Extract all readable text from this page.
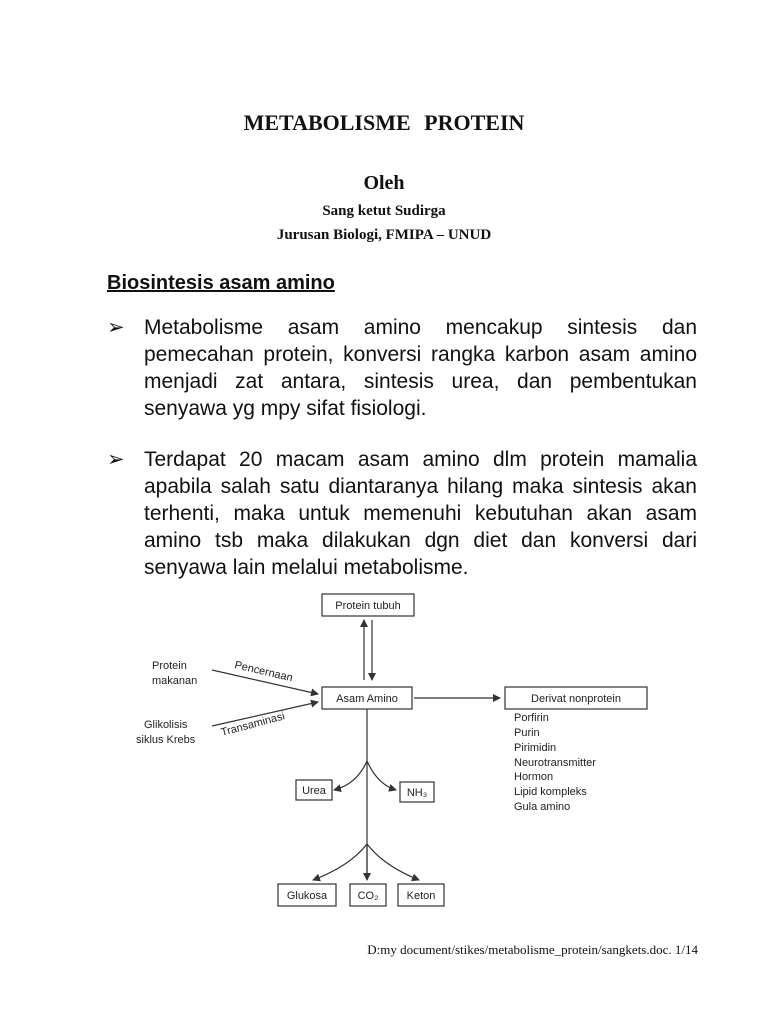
METABOLISME PROTEIN
Oleh
Sang ketut Sudirga
Jurusan Biologi, FMIPA – UNUD
Biosintesis asam amino
➢ Metabolisme asam amino mencakup sintesis dan pemecahan protein, konversi rangka karbon asam amino menjadi zat antara, sintesis urea, dan pembentukan senyawa yg mpy sifat fisiologi.
➢ Terdapat 20 macam asam amino dlm protein mamalia apabila salah satu diantaranya hilang maka sintesis akan terhenti, maka untuk memenuhi kebutuhan akan asam amino tsb maka dilakukan dgn diet dan konversi dari senyawa lain melalui metabolisme.
Protein tubuh
Asam Amino
Protein
makanan	Pencernaan
Glikolisis
siklus Krebs
Transaminasi
Derivat nonprotein
Porfirin
Purin
Pirimidin
Neurotransmitter
Hormon
Lipid kompleks
Gula amino
Urea	NH₃
Glukosa	CO₂	Keton
D:my document/stikes/metabolisme_protein/sangkets.doc. 1/14
